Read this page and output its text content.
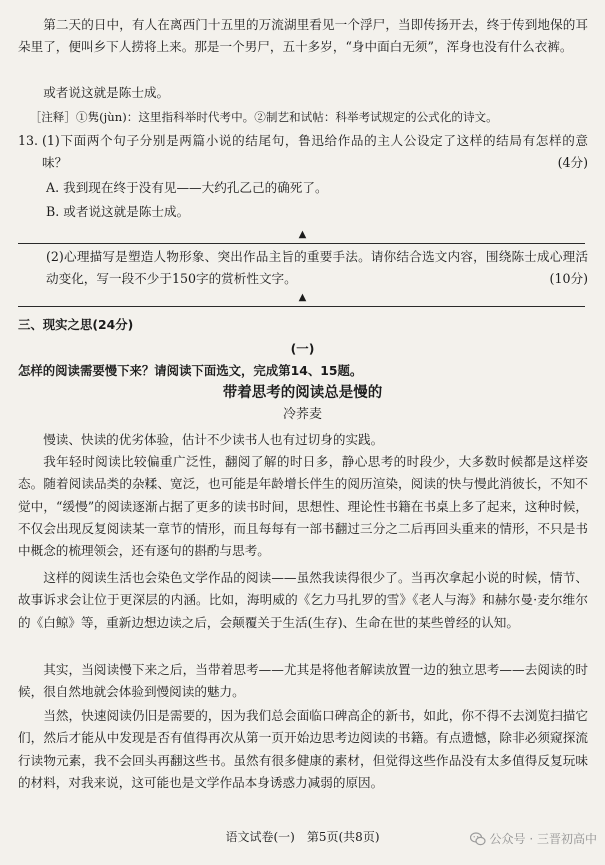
第二天的日中，有人在离西门十五里的万流湖里看见一个浮尸，当即传扬开去，终于传到地保的耳朵里了，便叫乡下人捞将上来。那是一个男尸，五十多岁，“身中面白无须”，浑身也没有什么衣裤。

或者说这就是陈士成。

［注释］①隽(jùn)：这里指科举时代考中。②制艺和试帖：科举考试规定的公式化的诗文。

13. (1)下面两个句子分别是两篇小说的结尾句，鲁迅给作品的主人公设定了这样的结局有怎样的意味？	(4分)

A. 我到现在终于没有见——大约孔乙己的确死了。

B. 或者说这就是陈士成。

▲

(2)心理描写是塑造人物形象、突出作品主旨的重要手法。请你结合选文内容，围绕陈士成心理活动变化，写一段不少于150字的赏析性文字。	(10分)

▲

三、现实之思(24分)

(一)

怎样的阅读需要慢下来？请阅读下面选文，完成第14、15题。

带着思考的阅读总是慢的

冷荞麦

慢读、快读的优劣体验，估计不少读书人也有过切身的实践。

我年轻时阅读比较偏重广泛性，翻阅了解的时日多，静心思考的时段少，大多数时候都是这样姿态。随着阅读品类的杂糅、宽泛，也可能是年龄增长伴生的阅历渲染，阅读的快与慢此消彼长，不知不觉中，“缓慢”的阅读逐渐占据了更多的读书时间，思想性、理论性书籍在书桌上多了起来，这种时候，不仅会出现反复阅读某一章节的情形，而且每每有一部书翻过三分之二后再回头重来的情形，不只是书中概念的梳理领会，还有逐句的斟酌与思考。

这样的阅读生活也会染色文学作品的阅读——虽然我读得很少了。当再次拿起小说的时候，情节、故事诉求会让位于更深层的内涵。比如，海明威的《乞力马扎罗的雪》《老人与海》和赫尔曼·麦尔维尔的《白鲸》等，重新边想边读之后，会颠覆关于生活(生存)、生命在世的某些曾经的认知。

其实，当阅读慢下来之后，当带着思考——尤其是将他者解读放置一边的独立思考——去阅读的时候，很自然地就会体验到慢阅读的魅力。

当然，快速阅读仍旧是需要的，因为我们总会面临口碑高企的新书，如此，你不得不去浏览扫描它们，然后才能从中发现是否有值得再次从第一页开始边思考边阅读的书籍。有点遗憾，除非必须窥探流行读物元素，我不会回头再翻这些书。虽然有很多健康的素材，但觉得这些作品没有太多值得反复玩味的材料，对我来说，这可能也是文学作品本身诱惑力减弱的原因。

语文试卷(一)　第5页(共8页)	公众号 · 三晋初高中
